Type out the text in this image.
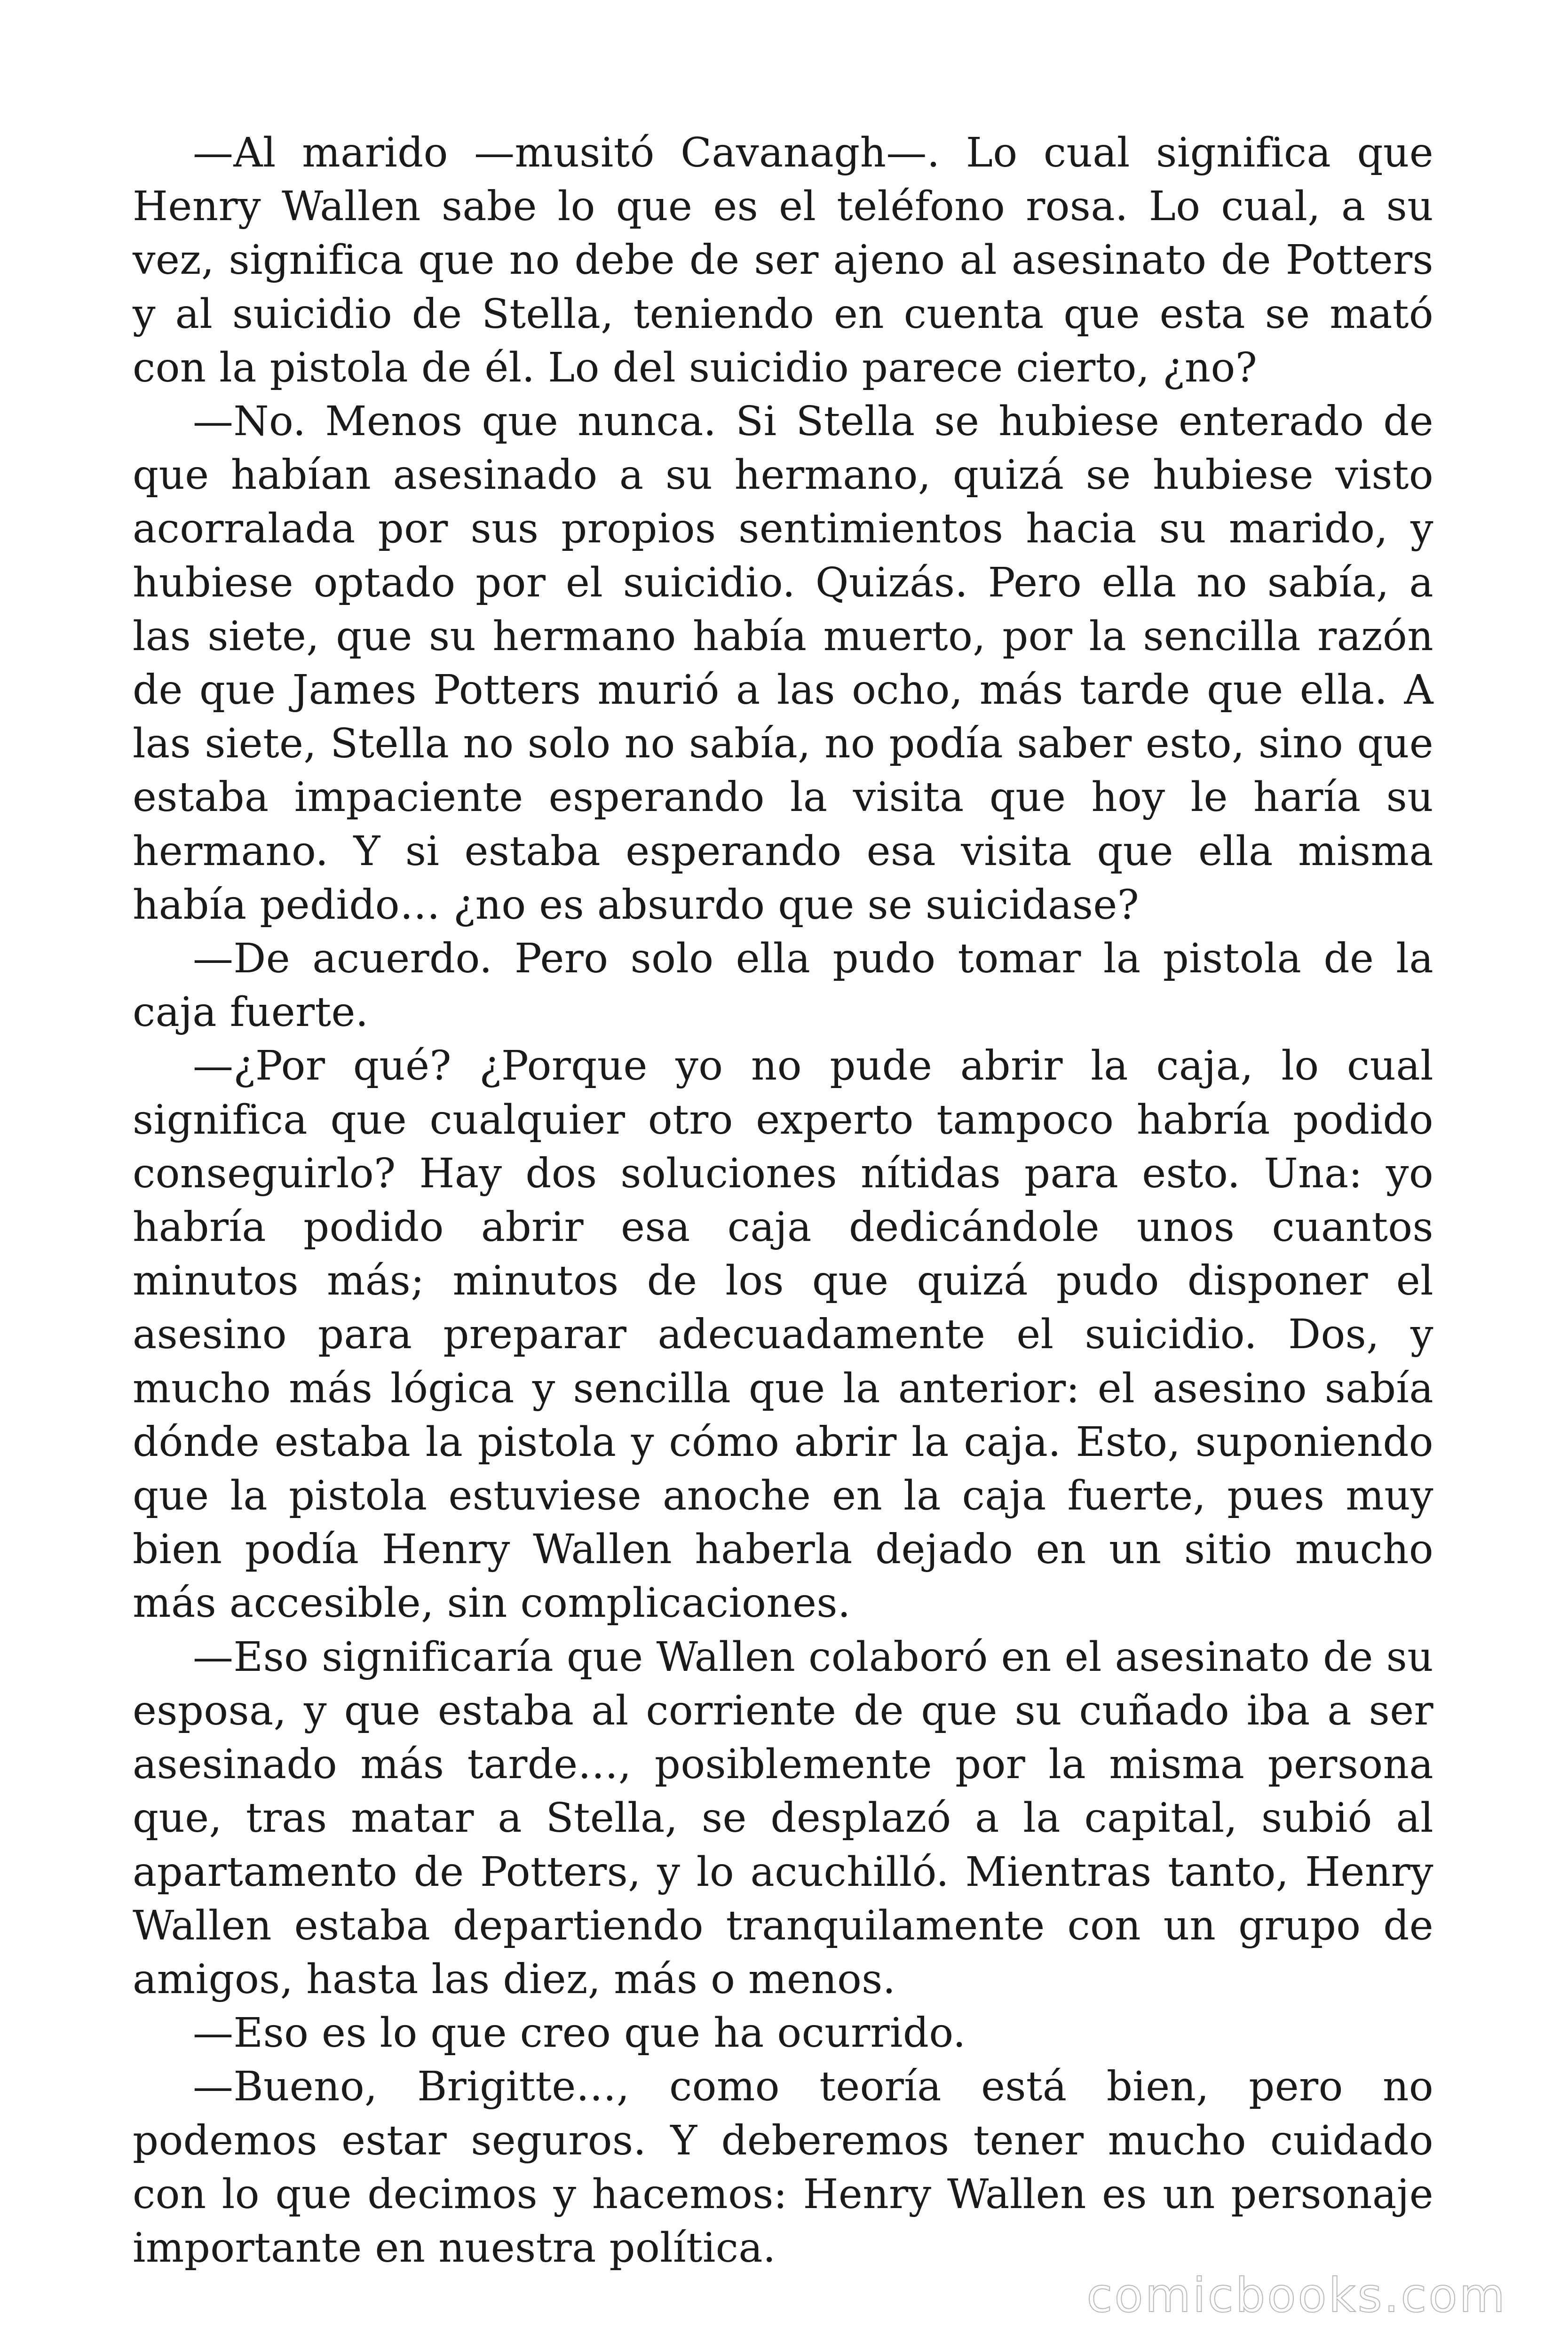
—Al marido —musitó Cavanagh—. Lo cual significa que Henry Wallen sabe lo que es el teléfono rosa. Lo cual, a su vez, significa que no debe de ser ajeno al asesinato de Potters y al suicidio de Stella, teniendo en cuenta que esta se mató con la pistola de él. Lo del suicidio parece cierto, ¿no?

—No. Menos que nunca. Si Stella se hubiese enterado de que habían asesinado a su hermano, quizá se hubiese visto acorralada por sus propios sentimientos hacia su marido, y hubiese optado por el suicidio. Quizás. Pero ella no sabía, a las siete, que su hermano había muerto, por la sencilla razón de que James Potters murió a las ocho, más tarde que ella. A las siete, Stella no solo no sabía, no podía saber esto, sino que estaba impaciente esperando la visita que hoy le haría su hermano. Y si estaba esperando esa visita que ella misma había pedido… ¿no es absurdo que se suicidase?

—De acuerdo. Pero solo ella pudo tomar la pistola de la caja fuerte.

—¿Por qué? ¿Porque yo no pude abrir la caja, lo cual significa que cualquier otro experto tampoco habría podido conseguirlo? Hay dos soluciones nítidas para esto. Una: yo habría podido abrir esa caja dedicándole unos cuantos minutos más; minutos de los que quizá pudo disponer el asesino para preparar adecuadamente el suicidio. Dos, y mucho más lógica y sencilla que la anterior: el asesino sabía dónde estaba la pistola y cómo abrir la caja. Esto, suponiendo que la pistola estuviese anoche en la caja fuerte, pues muy bien podía Henry Wallen haberla dejado en un sitio mucho más accesible, sin complicaciones.

—Eso significaría que Wallen colaboró en el asesinato de su esposa, y que estaba al corriente de que su cuñado iba a ser asesinado más tarde…, posiblemente por la misma persona que, tras matar a Stella, se desplazó a la capital, subió al apartamento de Potters, y lo acuchilló. Mientras tanto, Henry Wallen estaba departiendo tranquilamente con un grupo de amigos, hasta las diez, más o menos.

—Eso es lo que creo que ha ocurrido.

—Bueno, Brigitte…, como teoría está bien, pero no podemos estar seguros. Y deberemos tener mucho cuidado con lo que decimos y hacemos: Henry Wallen es un personaje importante en nuestra política.

comicbooks.com
